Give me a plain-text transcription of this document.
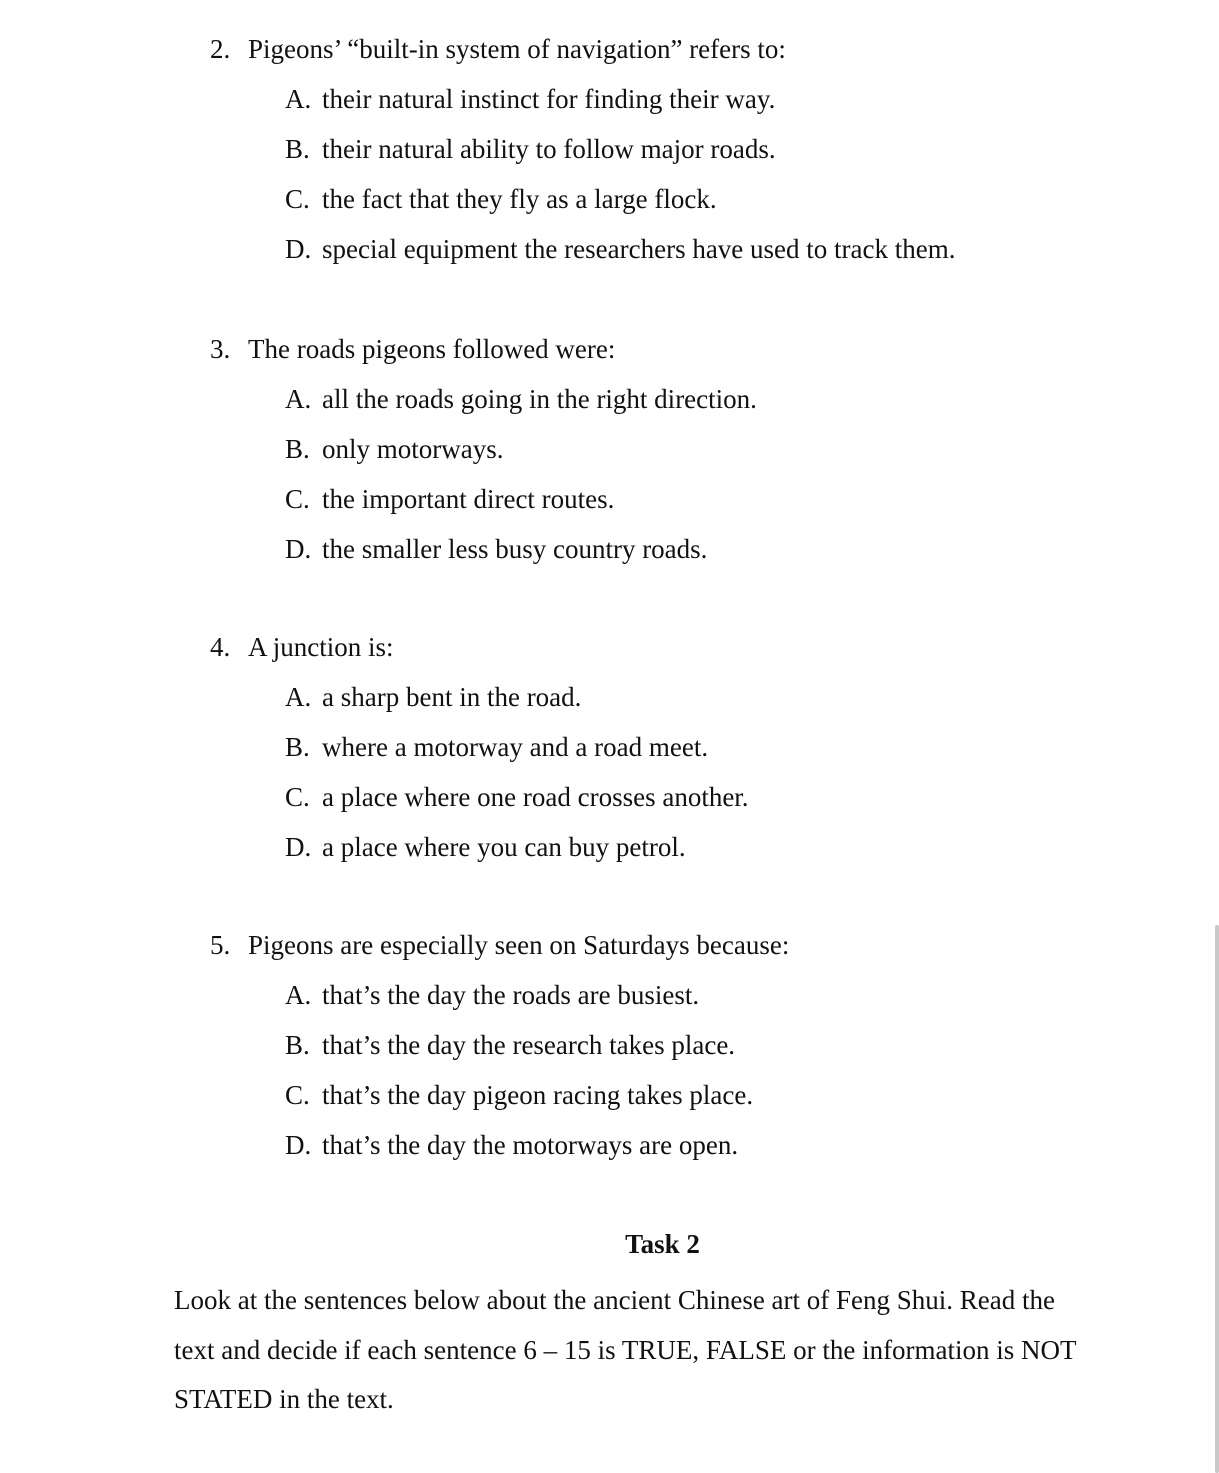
2. Pigeons’ “built-in system of navigation” refers to:
A. their natural instinct for finding their way.
B. their natural ability to follow major roads.
C. the fact that they fly as a large flock.
D. special equipment the researchers have used to track them.
3. The roads pigeons followed were:
A. all the roads going in the right direction.
B. only motorways.
C. the important direct routes.
D. the smaller less busy country roads.
4. A junction is:
A. a sharp bent in the road.
B. where a motorway and a road meet.
C. a place where one road crosses another.
D. a place where you can buy petrol.
5. Pigeons are especially seen on Saturdays because:
A. that’s the day the roads are busiest.
B. that’s the day the research takes place.
C. that’s the day pigeon racing takes place.
D. that’s the day the motorways are open.
Task 2
Look at the sentences below about the ancient Chinese art of Feng Shui. Read the
text and decide if each sentence 6 – 15 is TRUE, FALSE or the information is NOT
STATED in the text.
